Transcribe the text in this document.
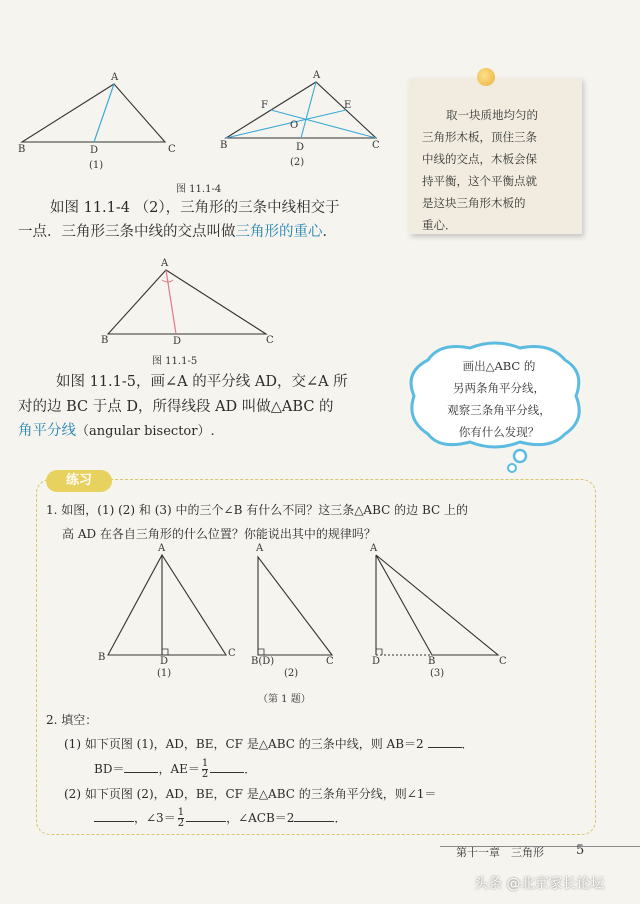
A
B	C
D
(1)
A
B	C
D
E
F
O
(2)
图 11.1-4
如图 11.1-4 （2），三角形的三条中线相交于
一点．三角形三条中线的交点叫做三角形的重心．
取一块质地均匀的
三角形木板，顶住三条
中线的交点，木板会保
持平衡，这个平衡点就
是这块三角形木板的
重心．
A
B	C
D
图 11.1-5
如图 11.1-5，画∠A 的平分线 AD，交∠A 所
对的边 BC 于点 D，所得线段 AD 叫做△ABC 的
角平分线（angular bisector）.
画出△ABC 的
另两条角平分线，
观察三条角平分线，
你有什么发现？
练习
1. 如图，(1) (2) 和 (3) 中的三个∠B 有什么不同？这三条△ABC 的边 BC 上的
高 AD 在各自三角形的什么位置？你能说出其中的规律吗？
A
B	C
D
(1)
A
B(D)	C
(2)
A
D	B	C
(3)
（第 1 题）
2. 填空：
(1) 如下页图 (1)，AD，BE，CF 是△ABC 的三条中线，则 AB＝2	．
BD＝	，$AE= \frac{1}{2}$	．
(2) 如下页图 (2)，AD，BE，CF 是△ABC 的三条角平分线，则∠1＝
，∠3＝ $\frac{1}{2}$	，∠ACB＝2	．
第十一章　三角形 5
头条 @北京家长论坛
